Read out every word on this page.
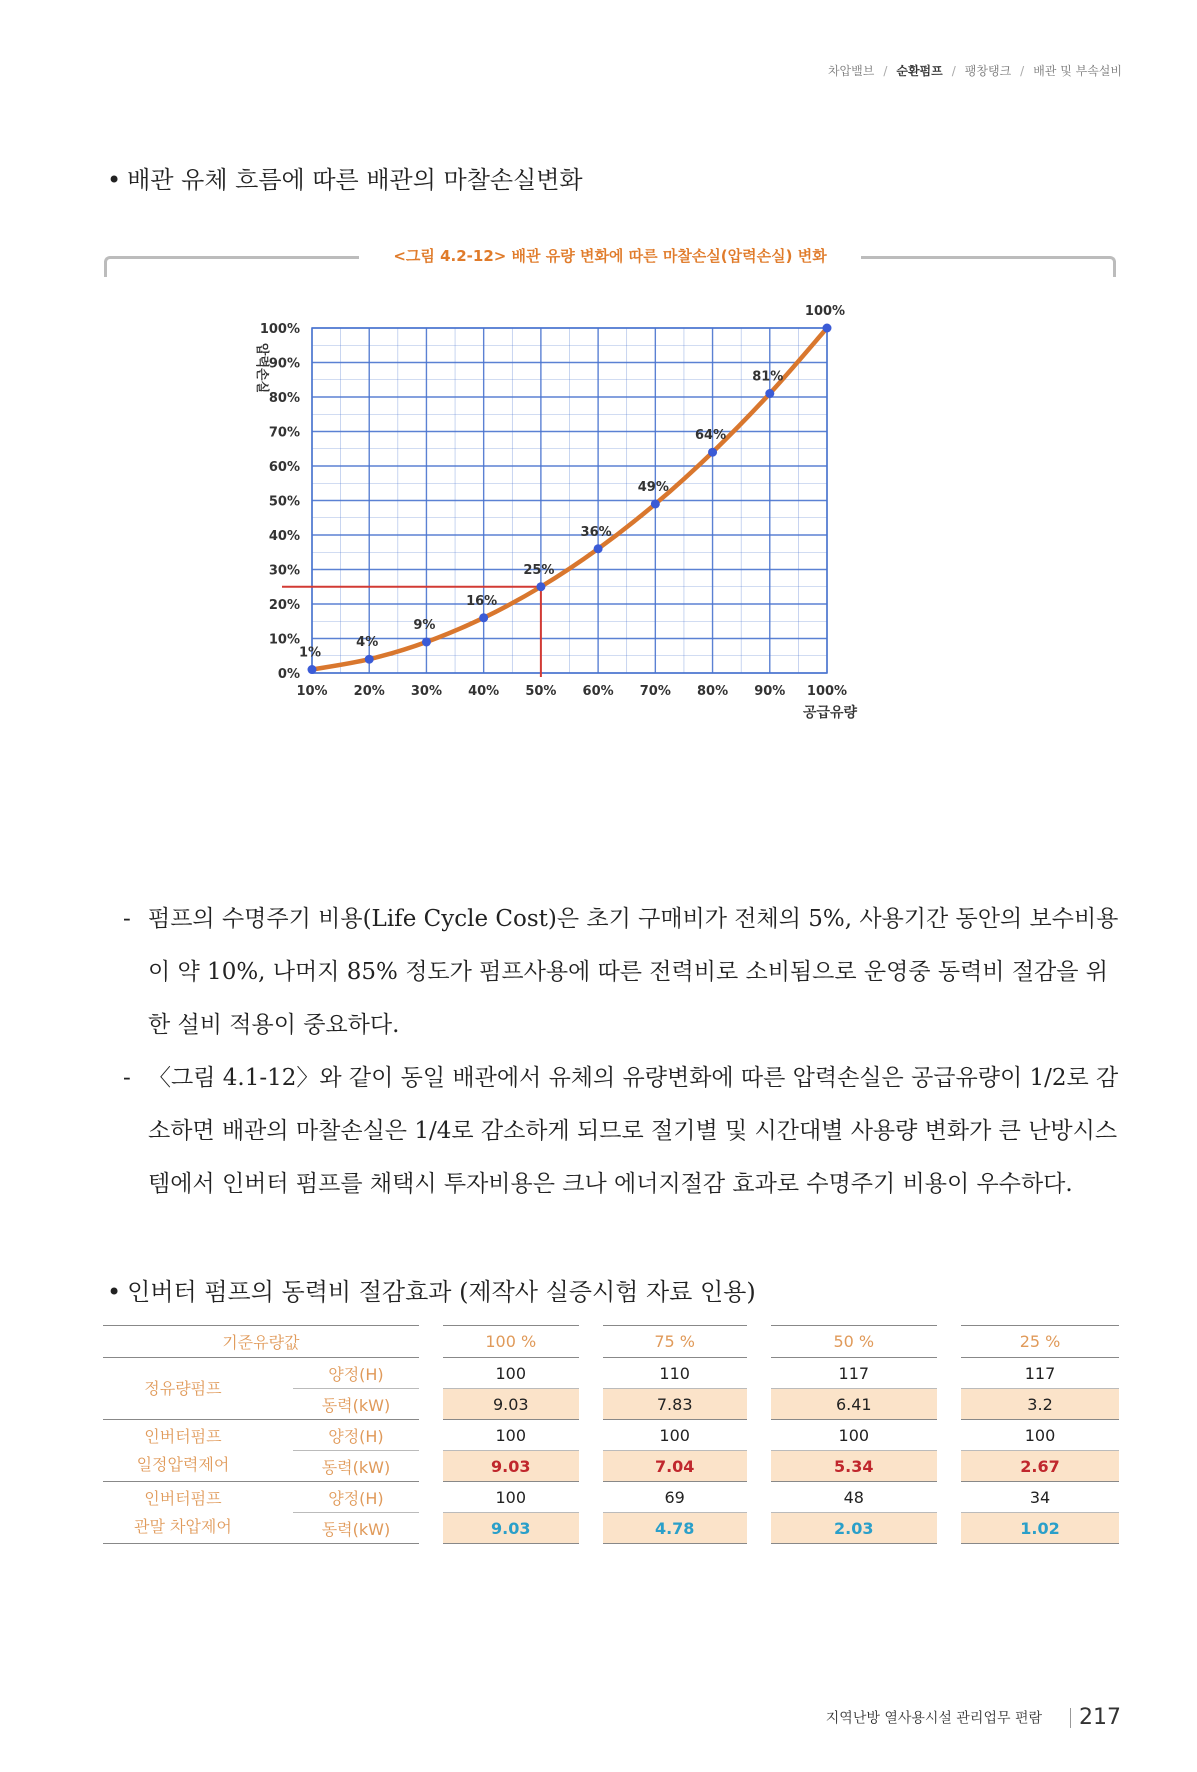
차압밸브 / 순환펌프 / 팽창탱크 / 배관 및 부속설비
• 배관 유체 흐름에 따른 배관의 마찰손실변화
<그림 4.2-12> 배관 유량 변화에 따른 마찰손실(압력손실) 변화
1%
4%
9%
16%
25%
36%
49%
64%
81%
100%
0%
10%
20%
30%
40%
50%
60%
70%
80%
90%
100%
10% 20% 30% 40% 50% 60% 70% 80% 90% 100%
압력손실
공급유량
- 펌프의 수명주기 비용(Life Cycle Cost)은 초기 구매비가 전체의 5%, 사용기간 동안의 보수비용이 약 10%, 나머지 85% 정도가 펌프사용에 따른 전력비로 소비됨으로 운영중 동력비 절감을 위한 설비 적용이 중요하다.
- 〈그림 4.1-12〉와 같이 동일 배관에서 유체의 유량변화에 따른 압력손실은 공급유량이 1/2로 감소하면 배관의 마찰손실은 1/4로 감소하게 되므로 절기별 및 시간대별 사용량 변화가 큰 난방시스템에서 인버터 펌프를 채택시 투자비용은 크나 에너지절감 효과로 수명주기 비용이 우수하다.
• 인버터 펌프의 동력비 절감효과 (제작사 실증시험 자료 인용)
기준유량값				100 %		75 %		50 %		25 %
정유량펌프		양정(H)		100		110		117		117
		동력(kW)		9.03		7.83		6.41		3.2
인버터펌프
일정압력제어		양정(H)		100		100		100		100
		동력(kW)		9.03		7.04		5.34		2.67
인버터펌프
관말 차압제어		양정(H)		100		69		48		34
		동력(kW)		9.03		4.78		2.03		1.02
지역난방 열사용시설 관리업무 편람 217
